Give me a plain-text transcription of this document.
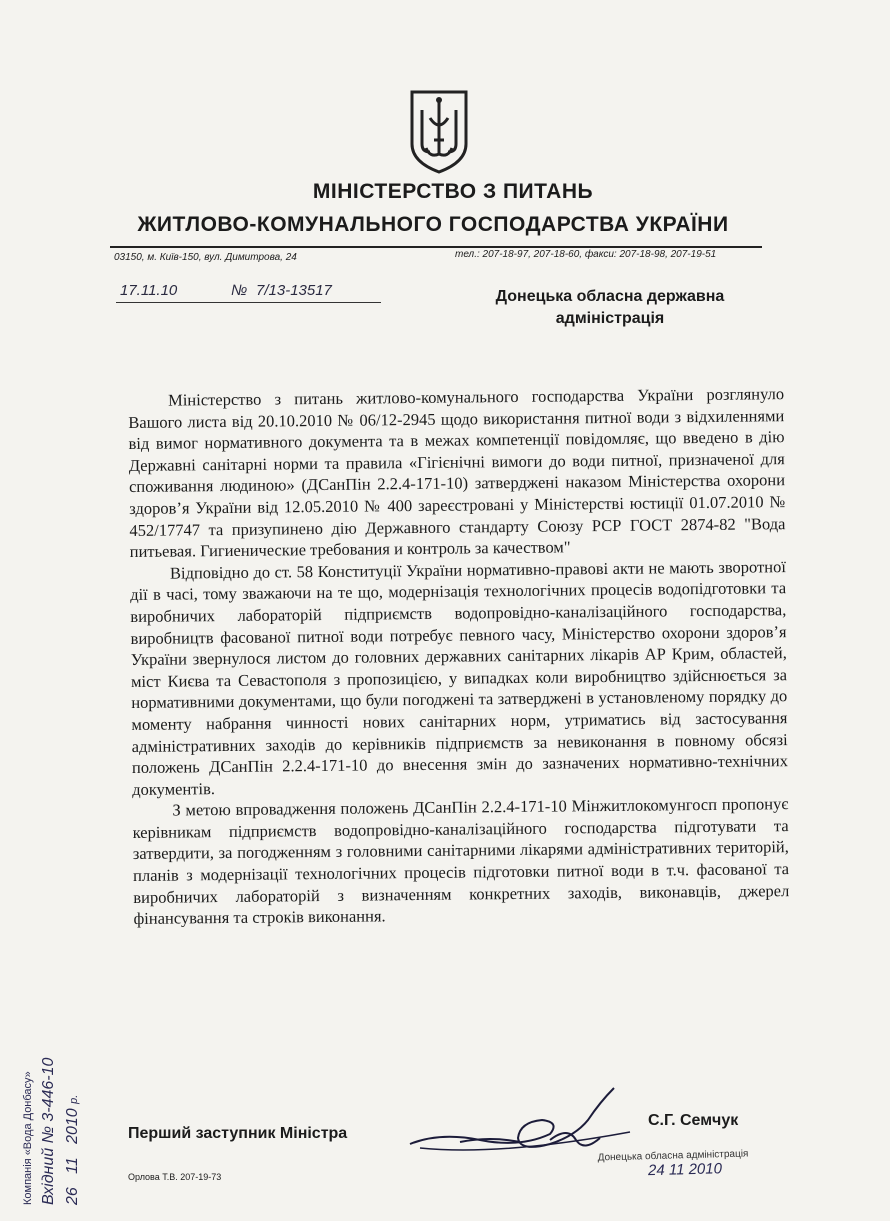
МІНІСТЕРСТВО З ПИТАНЬ
ЖИТЛОВО-КОМУНАЛЬНОГО ГОСПОДАРСТВА УКРАЇНИ
03150, м. Київ-150, вул. Димитрова, 24	тел.: 207-18-97, 207-18-60, факси: 207-18-98, 207-19-51
17.11.10	№ 7/13-13517	Донецька обласна державна
адміністрація

Міністерство з питань житлово-комунального господарства України розглянуло Вашого листа від 20.10.2010 № 06/12-2945 щодо використання питної води з відхиленнями від вимог нормативного документа та в межах компетенції повідомляє, що введено в дію Державні санітарні норми та правила «Гігієнічні вимоги до води питної, призначеної для споживання людиною» (ДСанПін 2.2.4-171-10) затверджені наказом Міністерства охорони здоров’я України від 12.05.2010 № 400 зареєстровані у Міністерстві юстиції 01.07.2010 № 452/17747 та призупинено дію Державного стандарту Союзу РСР ГОСТ 2874-82 "Вода питьевая. Гигиенические требования и контроль за качеством"

Відповідно до ст. 58 Конституції України нормативно-правові акти не мають зворотної дії в часі, тому зважаючи на те що, модернізація технологічних процесів водопідготовки та виробничих лабораторій підприємств водопровідно-каналізаційного господарства, виробництв фасованої питної води потребує певного часу, Міністерство охорони здоров’я України звернулося листом до головних державних санітарних лікарів АР Крим, областей, міст Києва та Севастополя з пропозицією, у випадках коли виробництво здійснюється за нормативними документами, що були погоджені та затверджені в установленому порядку до моменту набрання чинності нових санітарних норм, утриматись від застосування адміністративних заходів до керівників підприємств за невиконання в повному обсязі положень ДСанПін 2.2.4-171-10 до внесення змін до зазначених нормативно-технічних документів.

З метою впровадження положень ДСанПін 2.2.4-171-10 Мінжитлокомунгосп пропонує керівникам підприємств водопровідно-каналізаційного господарства підготувати та затвердити, за погодженням з головними санітарними лікарями адміністративних територій, планів з модернізації технологічних процесів підготовки питної води в т.ч. фасованої та виробничих лабораторій з визначенням конкретних заходів, виконавців, джерел фінансування та строків виконання.

Перший заступник Міністра
С.Г. Семчук
Орлова Т.В. 207-19-73
Компанія «Вода Донбасу» Вхідний № 3-446-10
26   11   2010 р.
Донецька обласна адміністрація
24 11 2010
